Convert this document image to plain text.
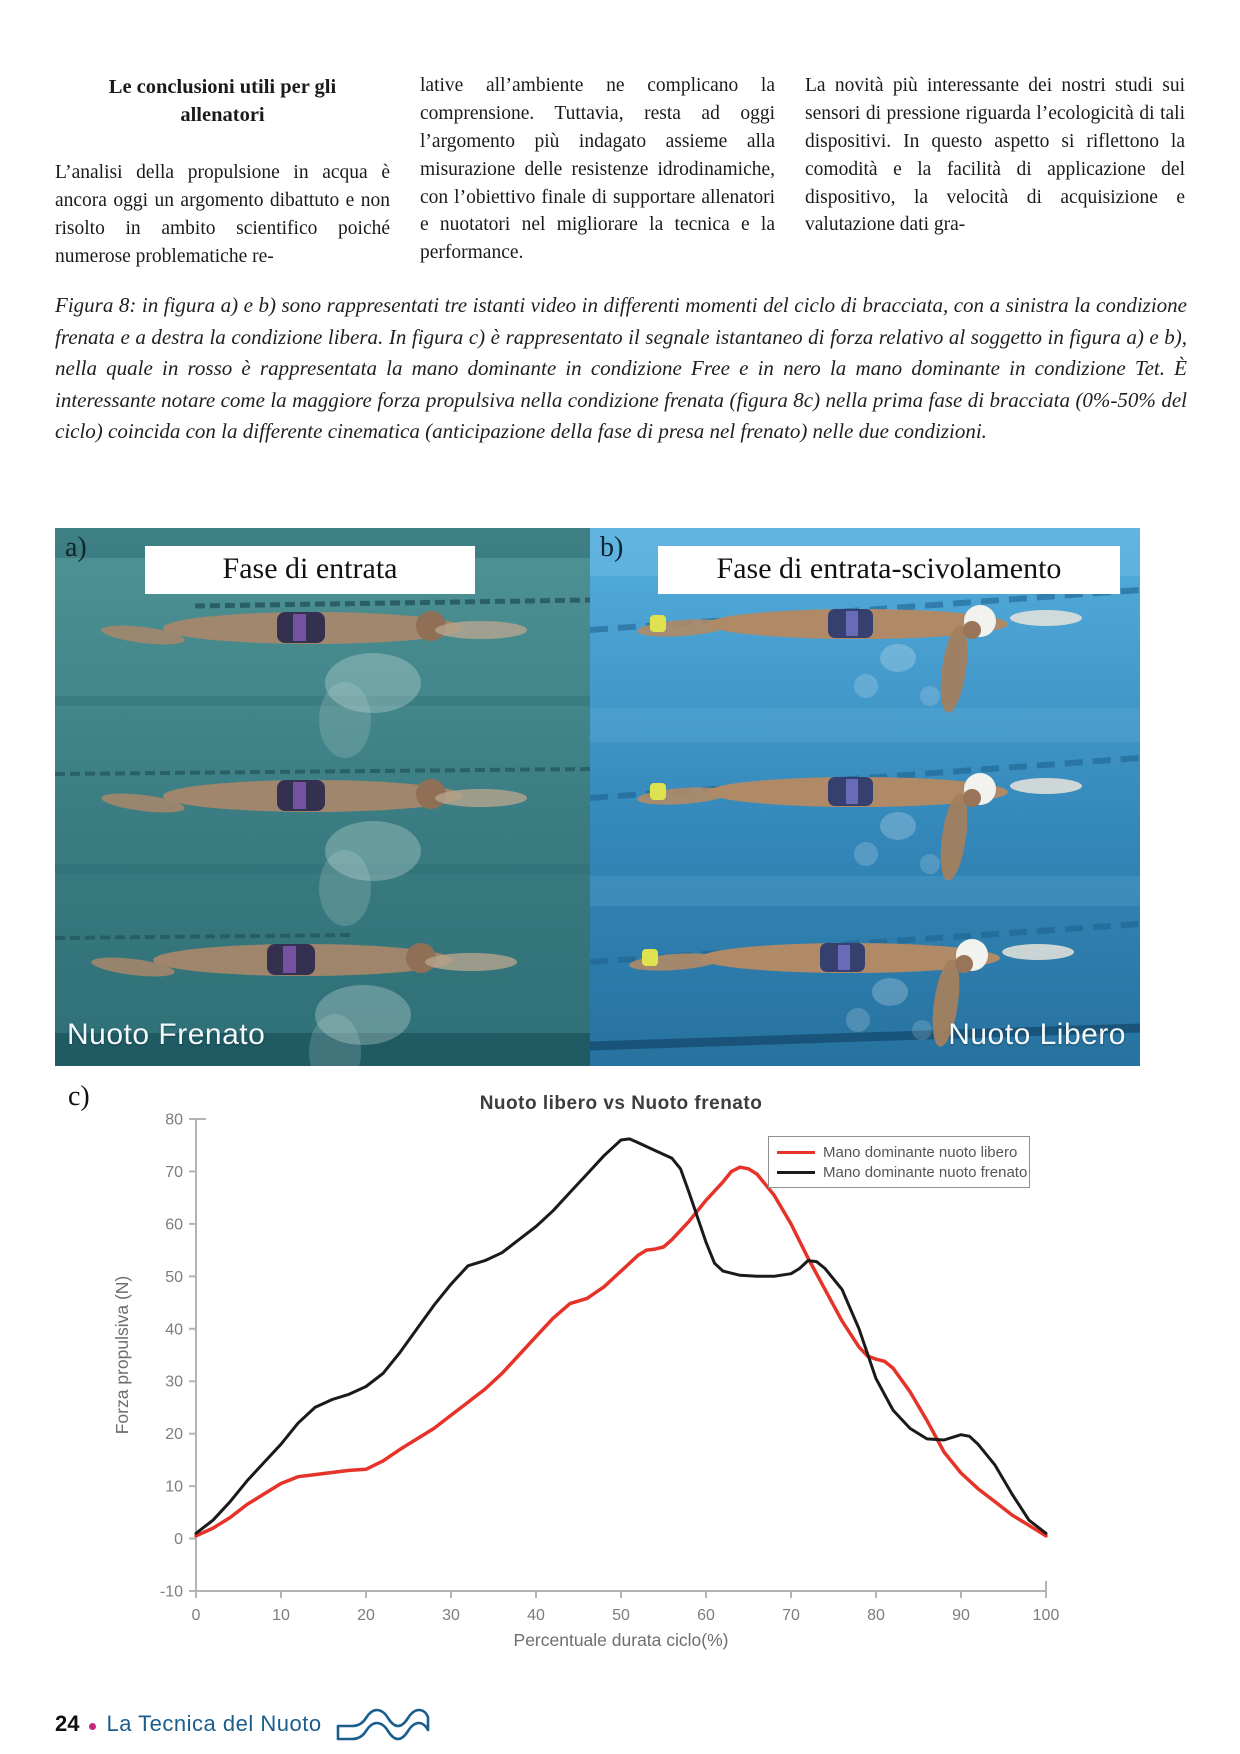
Le conclusioni utili per gli allenatori
L’analisi della propulsione in acqua è ancora oggi un argomento dibattuto e non risolto in ambito scientifico poiché numerose problematiche re-
lative all’ambiente ne complicano la comprensione. Tuttavia, resta ad oggi l’argomento più indagato assieme alla misurazione delle resistenze idrodinamiche, con l’obiettivo finale di supportare allenatori e nuotatori nel migliorare la tecnica e la performance.
La novità più interessante dei nostri studi sui sensori di pressione riguarda l’ecologicità di tali dispositivi. In questo aspetto si riflettono la comodità e la facilità di applicazione del dispositivo, la velocità di acquisizione e valutazione dati gra-
Figura 8: in figura a) e b) sono rappresentati tre istanti video in differenti momenti del ciclo di bracciata, con a sinistra la condizione frenata e a destra la condizione libera. In figura c) è rappresentato il segnale istantaneo di forza relativo al soggetto in figura a) e b), nella quale in rosso è rappresentata la mano dominante in condizione Free e in nero la mano dominante in condizione Tet. È interessante notare come la maggiore forza propulsiva nella condizione frenata (figura 8c) nella prima fase di bracciata (0%-50% del ciclo) coincida con la differente cinematica (anticipazione della fase di presa nel frenato) nelle due condizioni.
a)
Fase di entrata
Nuoto Frenato
b)
Fase di entrata-scivolamento
Nuoto Libero
c)	Nuoto libero vs Nuoto frenato
Mano dominante nuoto libero
Mano dominante nuoto frenato
-10
0
10
20
30
40
50
60
70
80
0	10	20	30	40	50	60	70	80	90	100
Percentuale durata ciclo(%)
Forza propulsiva (N)
24 La Tecnica del Nuoto
